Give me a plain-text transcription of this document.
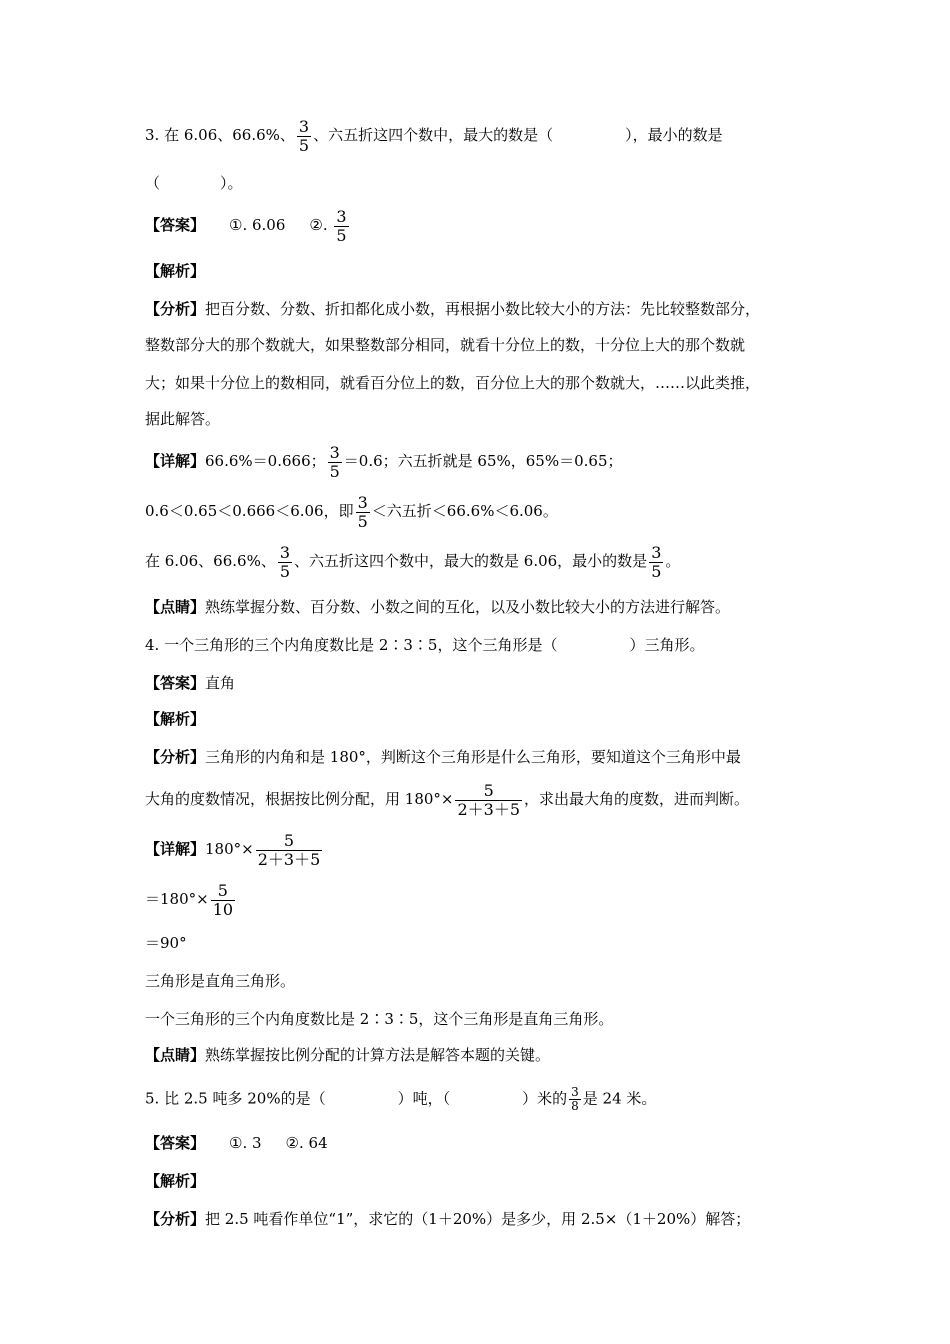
3. 在 6.06、66.6%、 $\frac{3}{5}$ 、六五折这四个数中，最大的数是（	），最小的数是
（　　　　）。
【答案】 ①. 6.06 ②. $\frac{3}{5}$
【解析】
【分析】把百分数、分数、折扣都化成小数，再根据小数比较大小的方法：先比较整数部分，
整数部分大的那个数就大，如果整数部分相同，就看十分位上的数，十分位上大的那个数就
大；如果十分位上的数相同，就看百分位上的数，百分位上大的那个数就大，……以此类推，
据此解答。
【详解】66.6%＝0.666； $\frac{3}{5} =0.6$；六五折就是 65%，65%＝0.65；
0.6＜0.65＜0.666＜6.06，即 $\frac{3}{5}$ ＜六五折＜66.6%＜6.06。
在 6.06、66.6%、 $\frac{3}{5}$ 、六五折这四个数中，最大的数是 6.06，最小的数是 $\frac{3}{5}$ 。
【点睛】熟练掌握分数、百分数、小数之间的互化，以及小数比较大小的方法进行解答。
4. 一个三角形的三个内角度数比是 2∶3∶5，这个三角形是（	）三角形。
【答案】直角
【解析】
【分析】三角形的内角和是 180°，判断这个三角形是什么三角形，要知道这个三角形中最
大角的度数情况，根据按比例分配，用 $180^\circ\times \frac{5}{2+3+5}$ ，求出最大角的度数，进而判断。
【详解】$180^\circ\times \frac{5}{2+3+5}$
$=180^\circ\times \frac{5}{10}$
＝90°
三角形是直角三角形。
一个三角形的三个内角度数比是 2∶3∶5，这个三角形是直角三角形。
【点睛】熟练掌握按比例分配的计算方法是解答本题的关键。
5. 比 2.5 吨多 20%的是（	）吨，（	）米的 $\frac{3}{8}$ 是 24 米。
【答案】 ①. 3 ②. 64
【解析】
【分析】把 2.5 吨看作单位“1”，求它的（1＋20%）是多少，用 2.5×（1＋20%）解答；
